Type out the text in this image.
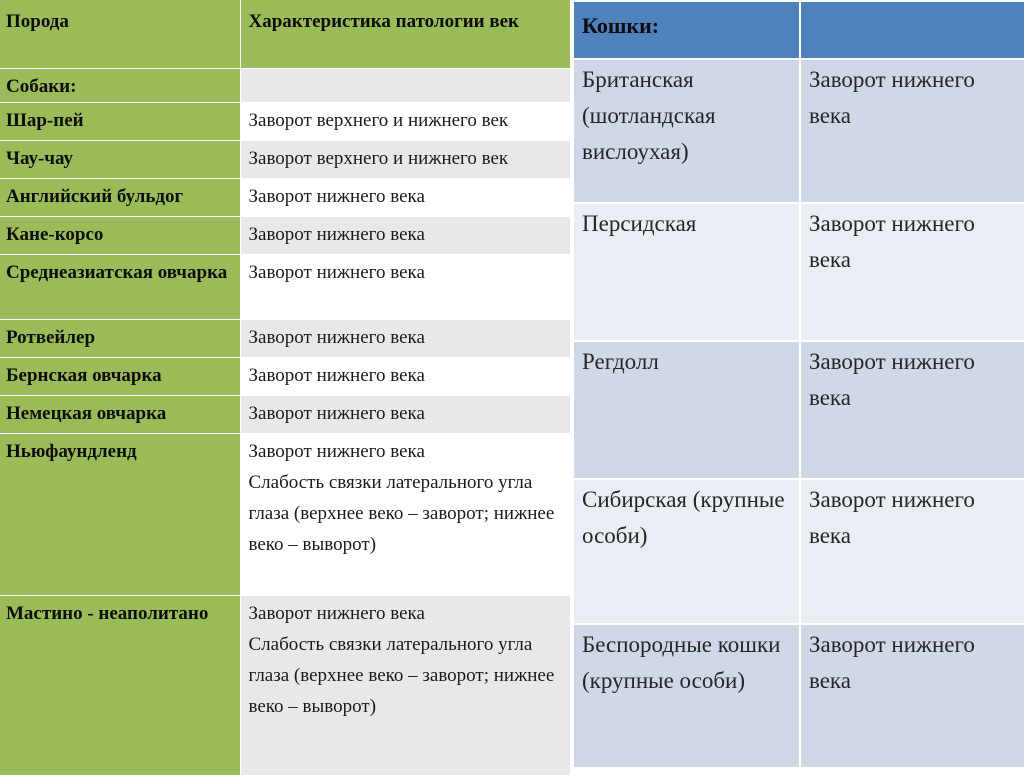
Порода	Характеристика патологии век
Собаки:	
Шар-пей	Заворот верхнего и нижнего век
Чау-чау	Заворот верхнего и нижнего век
Английский бульдог	Заворот нижнего века
Кане-корсо	Заворот нижнего века
Среднеазиатская овчарка	Заворот нижнего века
Ротвейлер	Заворот нижнего века
Бернская овчарка	Заворот нижнего века
Немецкая овчарка	Заворот нижнего века
Ньюфаундленд	Заворот нижнего века
Слабость связки латерального угла глаза (верхнее веко – заворот; нижнее веко – выворот)

Мастино - неаполитано	Заворот нижнего века
Слабость связки латерального угла глаза (верхнее веко – заворот; нижнее веко – выворот)
Кошки:	
Британская (шотландская вислоухая)	Заворот нижнего века
Персидская	Заворот нижнего века
Регдолл	Заворот нижнего века
Сибирская (крупные особи)	Заворот нижнего века
Беспородные кошки (крупные особи)	Заворот нижнего века
